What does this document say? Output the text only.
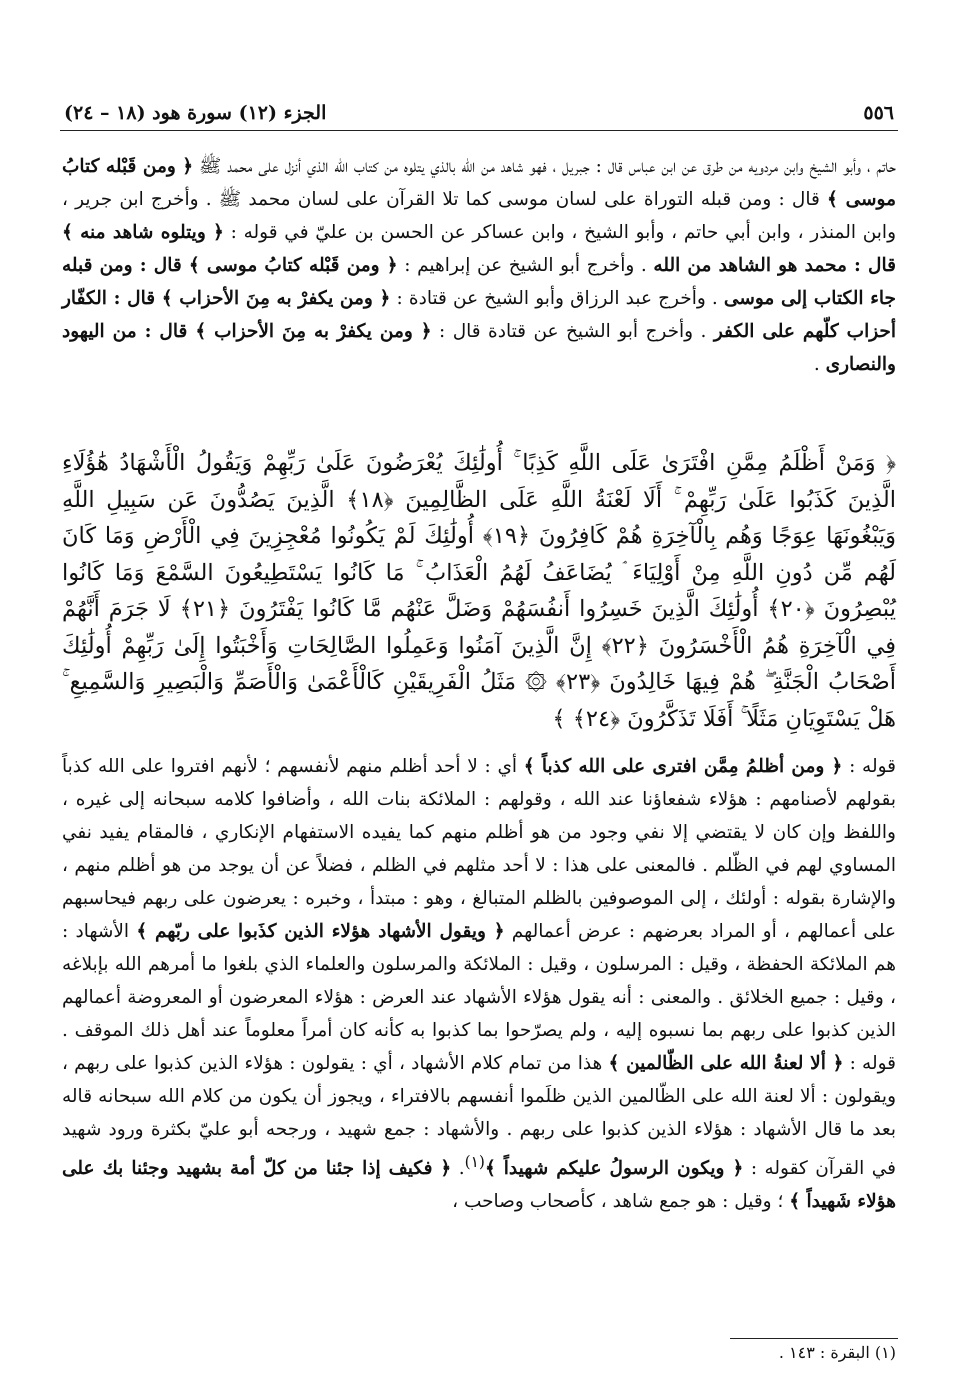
٥٥٦
الجزء (١٢) سورة هود (١٨ – ٢٤)

حاتم ، وأبو الشيخ وابن مردويه من طرق عن ابن عباس قال : جبريل ، فهو شاهد من الله بالذي يتلوه من كتاب الله الذي أنزل على محمد ﷺ ﴿ ومن قَبْله كتابُ موسى ﴾ قال : ومن قبله التوراة على لسان موسى كما تلا القرآن على لسان محمد ﷺ . وأخرج ابن جرير ، وابن المنذر ، وابن أبي حاتم ، وأبو الشيخ ، وابن عساكر عن الحسن بن عليّ في قوله : ﴿ ويتلوه شاهد منه ﴾ قال : محمد هو الشاهد من الله . وأخرج أبو الشيخ عن إبراهيم : ﴿ ومن قَبْله كتابُ موسى ﴾ قال : ومن قبله جاء الكتاب إلى موسى . وأخرج عبد الرزاق وأبو الشيخ عن قتادة : ﴿ ومن يكفرْ به مِنَ الأحزاب ﴾ قال : الكفّار أحزاب كلّهم على الكفر . وأخرج أبو الشيخ عن قتادة قال : ﴿ ومن يكفرْ به مِنَ الأحزاب ﴾ قال : من اليهود والنصارى .

﴿ وَمَنْ أَظْلَمُ مِمَّنِ افْتَرَىٰ عَلَى اللَّهِ كَذِبًا ۚ أُولَٰئِكَ يُعْرَضُونَ عَلَىٰ رَبِّهِمْ وَيَقُولُ الْأَشْهَادُ هَٰؤُلَاءِ الَّذِينَ كَذَبُوا عَلَىٰ رَبِّهِمْ ۚ أَلَا لَعْنَةُ اللَّهِ عَلَى الظَّالِمِينَ ﴿١٨﴾ الَّذِينَ يَصُدُّونَ عَن سَبِيلِ اللَّهِ وَيَبْغُونَهَا عِوَجًا وَهُم بِالْآخِرَةِ هُمْ كَافِرُونَ ﴿١٩﴾ أُولَٰئِكَ لَمْ يَكُونُوا مُعْجِزِينَ فِي الْأَرْضِ وَمَا كَانَ لَهُم مِّن دُونِ اللَّهِ مِنْ أَوْلِيَاءَ ۘ يُضَاعَفُ لَهُمُ الْعَذَابُ ۚ مَا كَانُوا يَسْتَطِيعُونَ السَّمْعَ وَمَا كَانُوا يُبْصِرُونَ ﴿٢٠﴾ أُولَٰئِكَ الَّذِينَ خَسِرُوا أَنفُسَهُمْ وَضَلَّ عَنْهُم مَّا كَانُوا يَفْتَرُونَ ﴿٢١﴾ لَا جَرَمَ أَنَّهُمْ فِي الْآخِرَةِ هُمُ الْأَخْسَرُونَ ﴿٢٢﴾ إِنَّ الَّذِينَ آمَنُوا وَعَمِلُوا الصَّالِحَاتِ وَأَخْبَتُوا إِلَىٰ رَبِّهِمْ أُولَٰئِكَ أَصْحَابُ الْجَنَّةِ ۖ هُمْ فِيهَا خَالِدُونَ ﴿٢٣﴾ ۞ مَثَلُ الْفَرِيقَيْنِ كَالْأَعْمَىٰ وَالْأَصَمِّ وَالْبَصِيرِ وَالسَّمِيعِ ۚ هَلْ يَسْتَوِيَانِ مَثَلًا ۚ أَفَلَا تَذَكَّرُونَ ﴿٢٤﴾ ﴾

قوله : ﴿ ومن أظلمُ مِمَّن افترى على الله كذباً ﴾ أي : لا أحد أظلم منهم لأنفسهم ؛ لأنهم افتروا على الله كذباً بقولهم لأصنامهم : هؤلاء شفعاؤنا عند الله ، وقولهم : الملائكة بنات الله ، وأضافوا كلامه سبحانه إلى غيره ، واللفظ وإن كان لا يقتضي إلا نفي وجود من هو أظلم منهم كما يفيده الاستفهام الإنكاري ، فالمقام يفيد نفي المساوي لهم في الظّلم . فالمعنى على هذا : لا أحد مثلهم في الظلم ، فضلاً عن أن يوجد من هو أظلم منهم ، والإشارة بقوله : أولئك ، إلى الموصوفين بالظلم المتبالغ ، وهو : مبتدأ ، وخبره : يعرضون على ربهم فيحاسبهم على أعمالهم ، أو المراد بعرضهم : عرض أعمالهم ﴿ ويقول الأشهاد هؤلاء الذين كذَبوا على ربّهم ﴾ الأشهاد : هم الملائكة الحفظة ، وقيل : المرسلون ، وقيل : الملائكة والمرسلون والعلماء الذي بلغوا ما أمرهم الله بإبلاغه ، وقيل : جميع الخلائق . والمعنى : أنه يقول هؤلاء الأشهاد عند العرض : هؤلاء المعرضون أو المعروضة أعمالهم الذين كذبوا على ربهم بما نسبوه إليه ، ولم يصرّحوا بما كذبوا به كأنه كان أمراً معلوماً عند أهل ذلك الموقف . قوله : ﴿ ألا لعنةُ الله على الظّالمين ﴾ هذا من تمام كلام الأشهاد ، أي : يقولون : هؤلاء الذين كذبوا على ربهم ، ويقولون : ألا لعنة الله على الظّالمين الذين ظلَموا أنفسهم بالافتراء ، ويجوز أن يكون من كلام الله سبحانه قاله بعد ما قال الأشهاد : هؤلاء الذين كذبوا على ربهم . والأشهاد : جمع شهيد ، ورجحه أبو عليّ بكثرة ورود شهيد في القرآن كقوله : ﴿ ويكون الرسولُ عليكم شهيداً ﴾$^{(١)}$. ﴿ فكيف إذا جئنا من كلّ أمة بشهيد وجئنا بك على هؤلاء شَهيداً ﴾ ؛ وقيل : هو جمع شاهد ، كأصحاب وصاحب ،

(١) البقرة : ١٤٣ .
